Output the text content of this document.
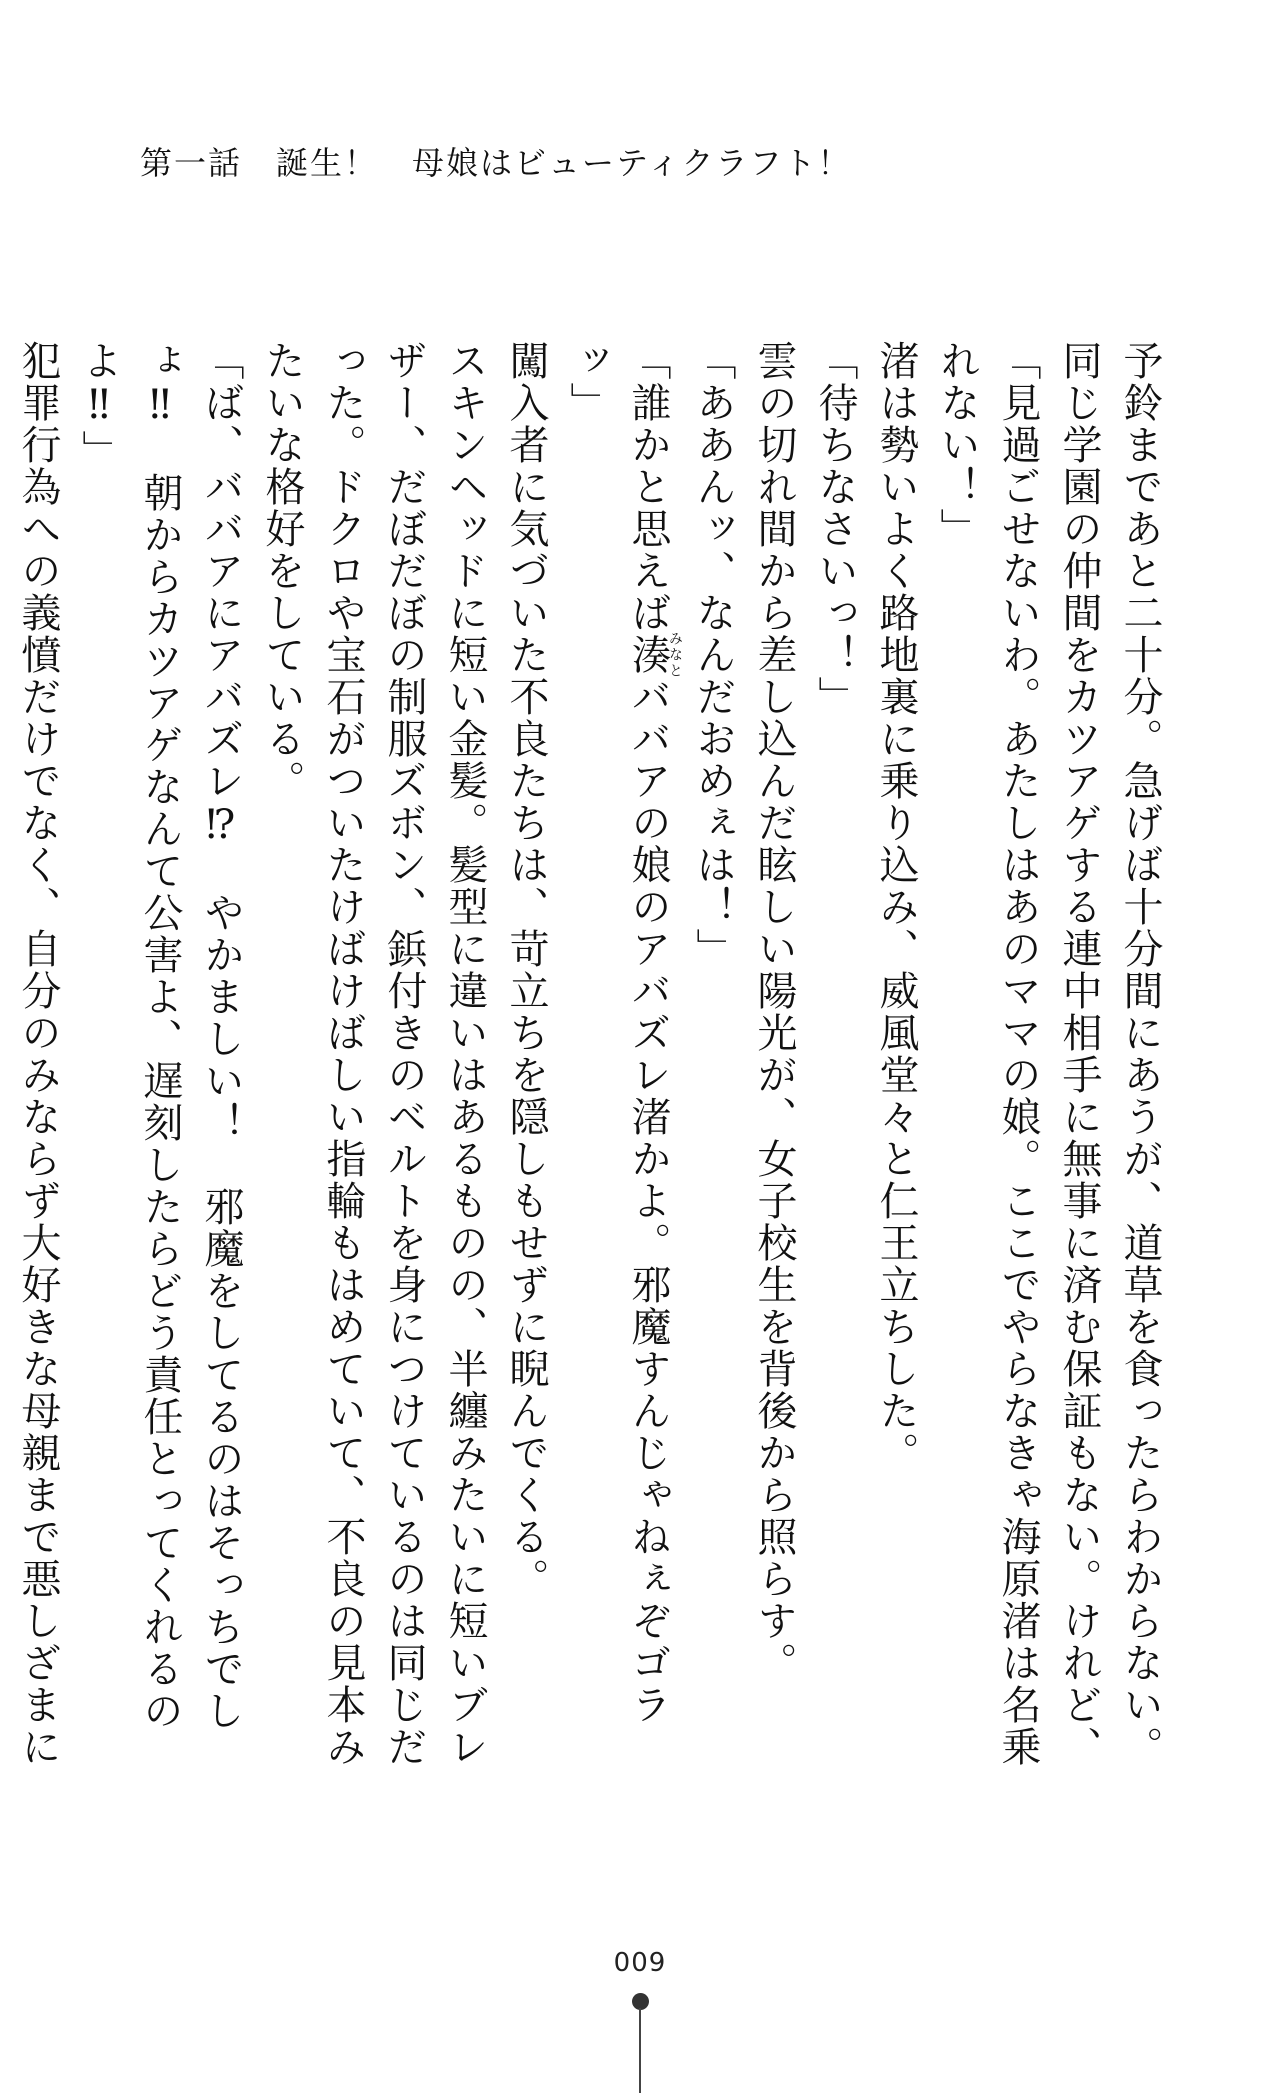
第一話　誕生！　母娘はビューティクラフト！

予鈴まであと二十分。急げば十分間にあうが、道草を食ったらわからない。

同じ学園の仲間をカツアゲする連中相手に無事に済む保証もない。けれど、

「見過ごせないわ。あたしはあのママの娘。ここでやらなきゃ海原渚は名乗れない！」

渚は勢いよく路地裏に乗り込み、威風堂々と仁王立ちした。

「待ちなさいっ！」

雲の切れ間から差し込んだ眩しい陽光が、女子校生を背後から照らす。

「ああんッ、なんだおめぇは！」

「誰かと思えば湊みなとババアの娘のアバズレ渚かよ。邪魔すんじゃねぇぞゴラッ」

闖入者に気づいた不良たちは、苛立ちを隠しもせずに睨んでくる。

スキンヘッドに短い金髪。髪型に違いはあるものの、半纏みたいに短いブレザー、だぼだぼの制服ズボン、鋲付きのベルトを身につけているのは同じだった。ドクロや宝石がついたけばけばしい指輪もはめていて、不良の見本みたいな格好をしている。

「ば、ババアにアバズレ⁉　やかましい！　邪魔をしてるのはそっちでしょ‼　朝からカツアゲなんて公害よ、遅刻したらどう責任とってくれるのよ‼」

犯罪行為への義憤だけでなく、自分のみならず大好きな母親まで悪しざまに

009
